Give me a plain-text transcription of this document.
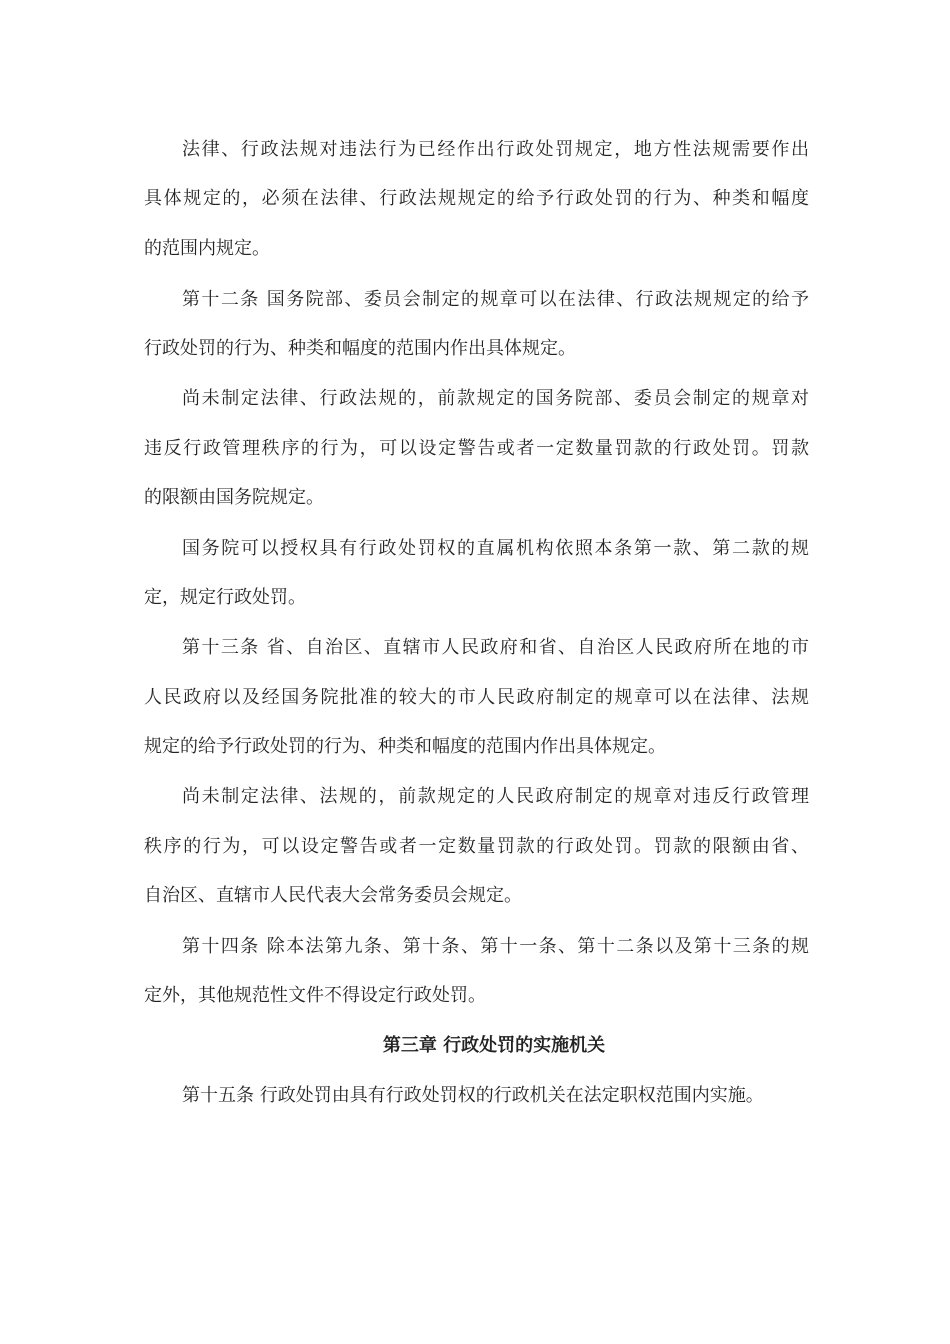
法律、行政法规对违法行为已经作出行政处罚规定，地方性法规需要作出
具体规定的，必须在法律、行政法规规定的给予行政处罚的行为、种类和幅度
的范围内规定。
第十二条 国务院部、委员会制定的规章可以在法律、行政法规规定的给予
行政处罚的行为、种类和幅度的范围内作出具体规定。
尚未制定法律、行政法规的，前款规定的国务院部、委员会制定的规章对
违反行政管理秩序的行为，可以设定警告或者一定数量罚款的行政处罚。罚款
的限额由国务院规定。
国务院可以授权具有行政处罚权的直属机构依照本条第一款、第二款的规
定，规定行政处罚。
第十三条 省、自治区、直辖市人民政府和省、自治区人民政府所在地的市
人民政府以及经国务院批准的较大的市人民政府制定的规章可以在法律、法规
规定的给予行政处罚的行为、种类和幅度的范围内作出具体规定。
尚未制定法律、法规的，前款规定的人民政府制定的规章对违反行政管理
秩序的行为，可以设定警告或者一定数量罚款的行政处罚。罚款的限额由省、
自治区、直辖市人民代表大会常务委员会规定。
第十四条 除本法第九条、第十条、第十一条、第十二条以及第十三条的规
定外，其他规范性文件不得设定行政处罚。
第三章 行政处罚的实施机关
第十五条 行政处罚由具有行政处罚权的行政机关在法定职权范围内实施。
